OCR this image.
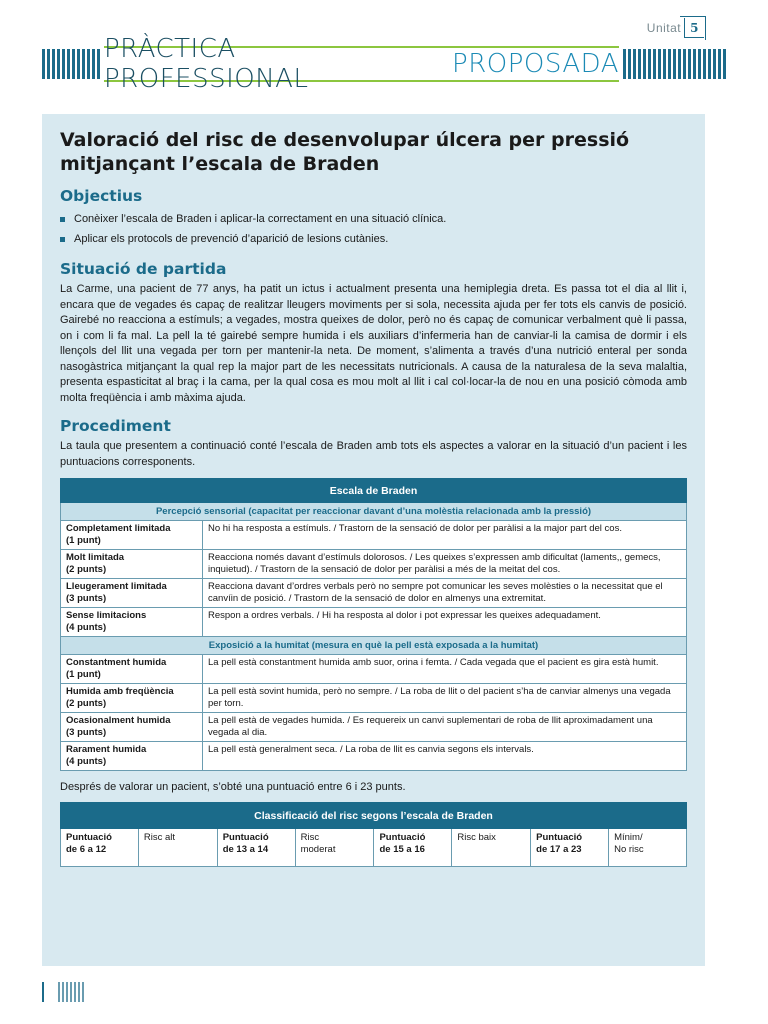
Unitat 5
PRÀCTICA PROFESSIONAL	PROPOSADA
Valoració del risc de desenvolupar úlcera per pressió mitjançant l’escala de Braden
Objectius
Conèixer l’escala de Braden i aplicar-la correctament en una situació clínica.
Aplicar els protocols de prevenció d’aparició de lesions cutànies.
Situació de partida

La Carme, una pacient de 77 anys, ha patit un ictus i actualment presenta una hemiplegia dreta. Es passa tot el dia al llit i, encara que de vegades és capaç de realitzar lleugers moviments per si sola, necessita ajuda per fer tots els canvis de posició. Gairebé no reacciona a estímuls; a vegades, mostra queixes de dolor, però no és capaç de comunicar verbalment què li passa, on i com li fa mal. La pell la té gairebé sempre humida i els auxiliars d’infermeria han de canviar-li la camisa de dormir i els llençols del llit una vegada per torn per mantenir-la neta. De moment, s’alimenta a través d’una nutrició enteral per sonda nasogàstrica mitjançant la qual rep la major part de les necessitats nutricionals. A causa de la naturalesa de la seva malaltia, presenta espasticitat al braç i la cama, per la qual cosa es mou molt al llit i cal col·locar-la de nou en una posició còmoda amb molta freqüència i amb màxima ajuda.

Procediment

La taula que presentem a continuació conté l’escala de Braden amb tots els aspectes a valorar en la situació d’un pacient i les puntuacions corresponents.

Escala de Braden	
Percepció sensorial (capacitat per reaccionar davant d’una molèstia relacionada amb la pressió)	
Completament limitada
(1 punt)	No hi ha resposta a estímuls. / Trastorn de la sensació de dolor per paràlisi a la major part del cos.
Molt limitada
(2 punts)	Reacciona només davant d’estímuls dolorosos. / Les queixes s’expressen amb dificultat (laments,, gemecs, inquietud). / Trastorn de la sensació de dolor per paràlisi a més de la meitat del cos.
Lleugerament limitada
(3 punts)	Reacciona davant d’ordres verbals però no sempre pot comunicar les seves molèsties o la necessitat que el canvíin de posició. / Trastorn de la sensació de dolor en almenys una extremitat.
Sense limitacions
(4 punts)	Respon a ordres verbals. / Hi ha resposta al dolor i pot expressar les queixes adequadament.
Exposició a la humitat (mesura en què la pell està exposada a la humitat)	
Constantment humida
(1 punt)	La pell està constantment humida amb suor, orina i femta. / Cada vegada que el pacient es gira està humit.
Humida amb freqüència
(2 punts)	La pell està sovint humida, però no sempre. / La roba de llit o del pacient s’ha de canviar almenys una vegada per torn.
Ocasionalment humida
(3 punts)	La pell està de vegades humida. / Es requereix un canvi suplementari de roba de llit aproximadament una vegada al dia.
Rarament humida
(4 punts)	La pell està generalment seca. / La roba de llit es canvia segons els intervals.

Després de valorar un pacient, s’obté una puntuació entre 6 i 23 punts.

Classificació del risc segons l’escala de Braden
Puntuació
de 6 a 12	Risc alt	Puntuació
de 13 a 14	Risc
moderat	Puntuació
de 15 a 16	Risc baix	Puntuació
de 17 a 23	Mínim/
No risc
